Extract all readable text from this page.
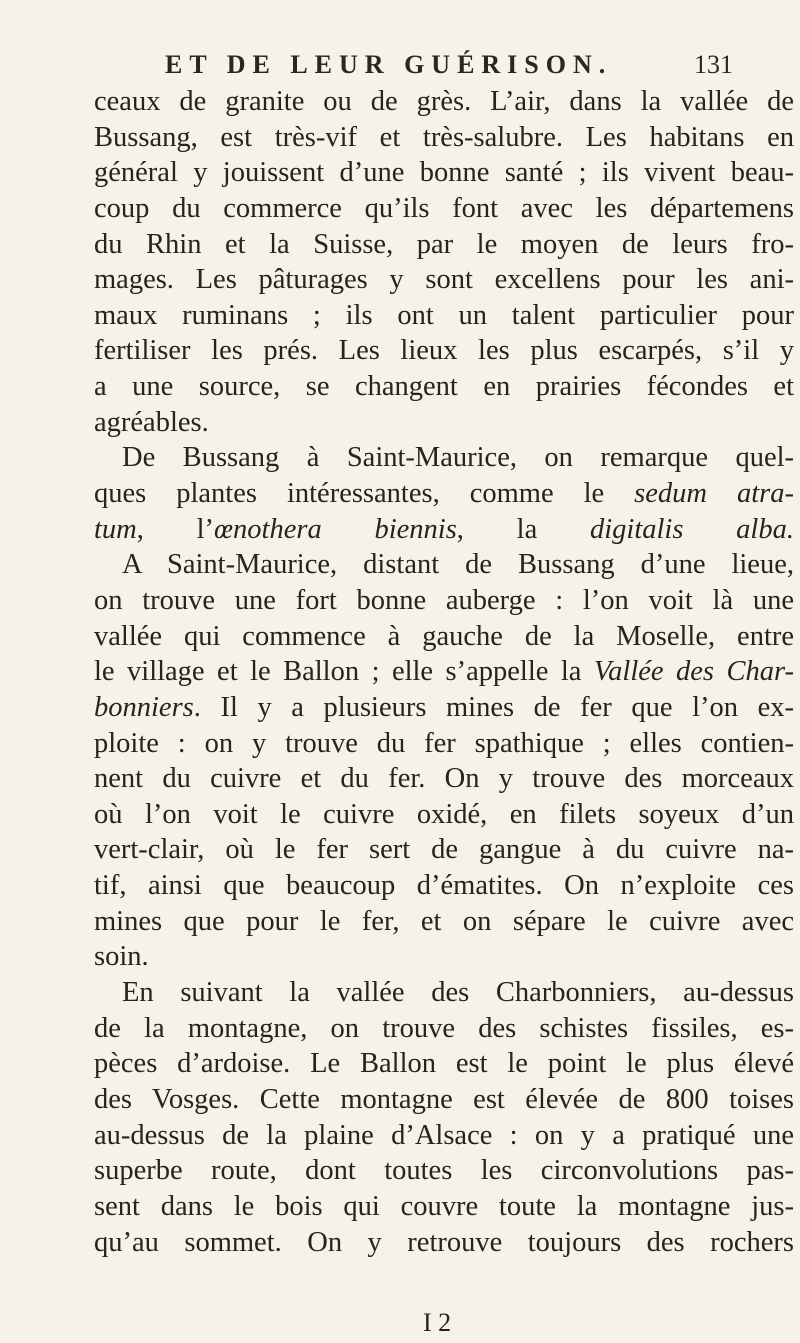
ET DE LEUR GUÉRISON.	131
ceaux de granite ou de grès. L’air, dans la vallée de
Bussang, est très-vif et très-salubre. Les habitans en
général y jouissent d’une bonne santé ; ils vivent beau-
coup du commerce qu’ils font avec les départemens
du Rhin et la Suisse, par le moyen de leurs fro-
mages. Les pâturages y sont excellens pour les ani-
maux ruminans ; ils ont un talent particulier pour
fertiliser les prés. Les lieux les plus escarpés, s’il y
a une source, se changent en prairies fécondes et
agréables.
De Bussang à Saint-Maurice, on remarque quel-
ques plantes intéressantes, comme le sedum atra-
tum, l’œnothera biennis, la digitalis alba.
A Saint-Maurice, distant de Bussang d’une lieue,
on trouve une fort bonne auberge : l’on voit là une
vallée qui commence à gauche de la Moselle, entre
le village et le Ballon ; elle s’appelle la Vallée des Char-
bonniers. Il y a plusieurs mines de fer que l’on ex-
ploite : on y trouve du fer spathique ; elles contien-
nent du cuivre et du fer. On y trouve des morceaux
où l’on voit le cuivre oxidé, en filets soyeux d’un
vert-clair, où le fer sert de gangue à du cuivre na-
tif, ainsi que beaucoup d’ématites. On n’exploite ces
mines que pour le fer, et on sépare le cuivre avec
soin.
En suivant la vallée des Charbonniers, au-dessus
de la montagne, on trouve des schistes fissiles, es-
pèces d’ardoise. Le Ballon est le point le plus élevé
des Vosges. Cette montagne est élevée de 800 toises
au-dessus de la plaine d’Alsace : on y a pratiqué une
superbe route, dont toutes les circonvolutions pas-
sent dans le bois qui couvre toute la montagne jus-
qu’au sommet. On y retrouve toujours des rochers
I 2
